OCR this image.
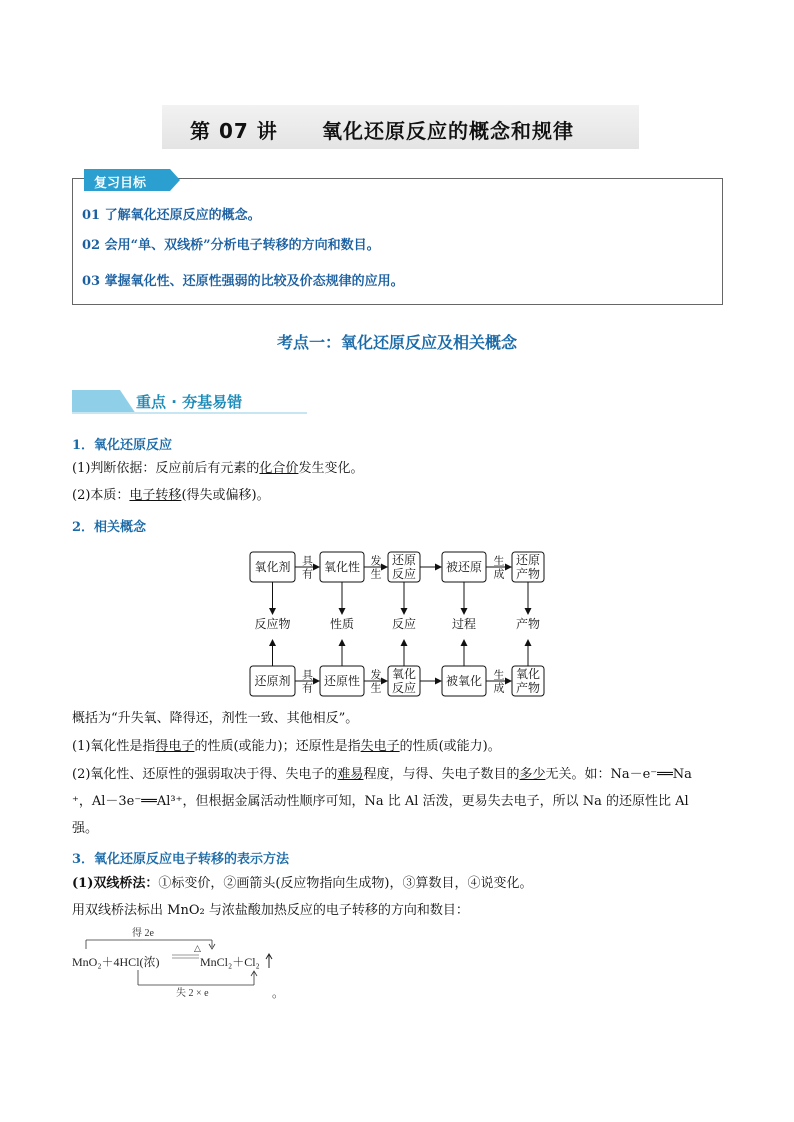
第 07 讲 氧化还原反应的概念和规律
复习目标
01 了解氧化还原反应的概念。
02 会用“单、双线桥”分析电子转移的方向和数目。
03 掌握氧化性、还原性强弱的比较及价态规律的应用。
考点一：氧化还原反应及相关概念
重点 · 夯基易错
1．氧化还原反应
(1)判断依据：反应前后有元素的化合价发生变化。
(2)本质：电子转移(得失或偏移)。
2．相关概念
氧化剂 具
有
氧化性 发
生
还原
反应 被还原 生
成
还原
产物
还原剂 具
有
还原性 发
生
氧化
反应 被氧化 生
成
氧化
产物
反应物	性质	反应	过程	产物
概括为“升失氧、降得还，剂性一致、其他相反”。
(1)氧化性是指得电子的性质(或能力)；还原性是指失电子的性质(或能力)。
(2)氧化性、还原性的强弱取决于得、失电子的难易程度，与得、失电子数目的多少无关。如：Na－e⁻══Na
⁺，Al－3e⁻══Al³⁺，但根据金属活动性顺序可知，Na 比 Al 活泼，更易失去电子，所以 Na 的还原性比 Al
强。
3．氧化还原反应电子转移的表示方法
(1)双线桥法：①标变价，②画箭头(反应物指向生成物)，③算数目，④说变化。
用双线桥法标出 MnO₂ 与浓盐酸加热反应的电子转移的方向和数目：
得 2e
△
MnO₂＋4HCl(浓)	MnCl₂＋Cl₂
失 2 × e	。
